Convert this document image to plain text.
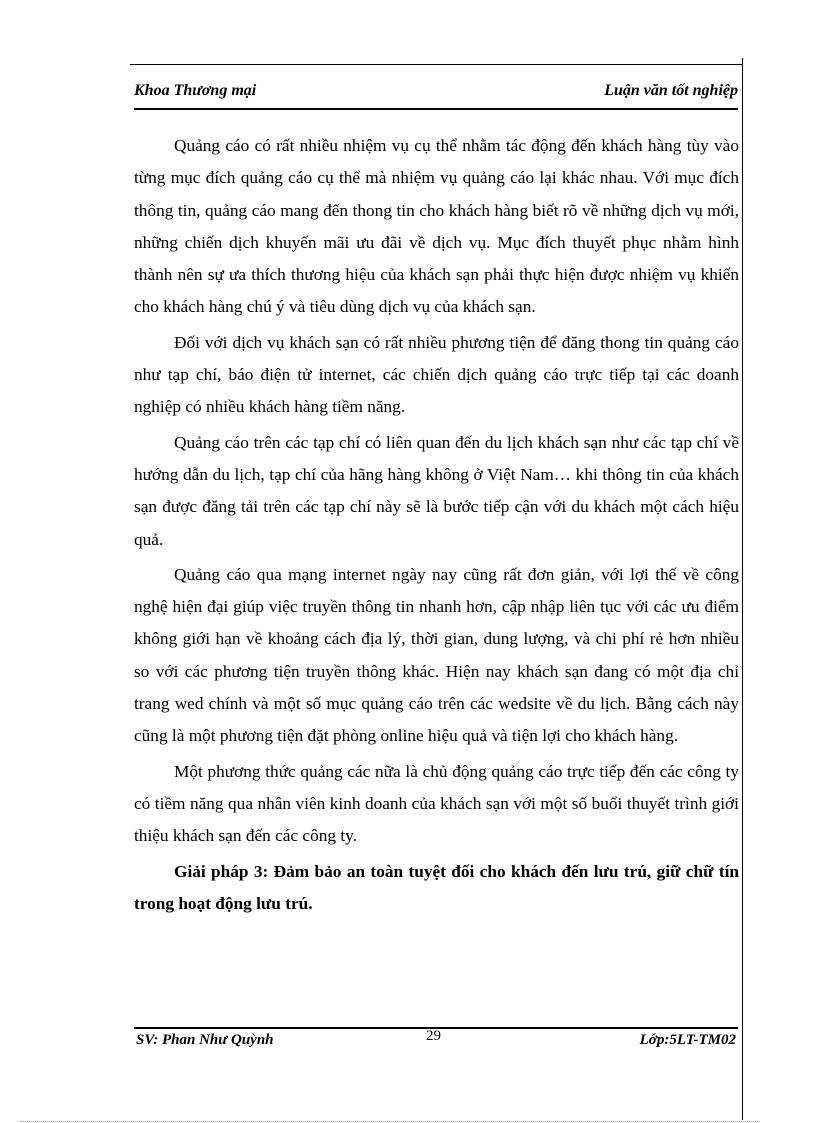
Khoa Thương mại	Luận văn tốt nghiệp

Quảng cáo có rất nhiều nhiệm vụ cụ thể nhằm tác động đến khách hàng tùy vào từng mục đích quảng cáo cụ thể mà nhiệm vụ quảng cáo lại khác nhau. Với mục đích thông tin, quảng cáo mang đến thong tin cho khách hàng biết rõ về những dịch vụ mới, những chiến dịch khuyến mãi ưu đãi về dịch vụ. Mục đích thuyết phục nhằm hình thành nên sự ưa thích thương hiệu của khách sạn phải thực hiện được nhiệm vụ khiến cho khách hàng chú ý và tiêu dùng dịch vụ của khách sạn.

Đối với dịch vụ khách sạn có rất nhiều phương tiện để đăng thong tin quảng cáo như tạp chí, báo điện tử internet, các chiến dịch quảng cáo trực tiếp tại các doanh nghiệp có nhiều khách hàng tiềm năng.

Quảng cáo trên các tạp chí có liên quan đến du lịch khách sạn như các tạp chí về hướng dẫn du lịch, tạp chí của hãng hàng không ở Việt Nam… khi thông tin của khách sạn được đăng tải trên các tạp chí này sẽ là bước tiếp cận với du khách một cách hiệu quả.

Quảng cáo qua mạng internet ngày nay cũng rất đơn giản, với lợi thế về công nghệ hiện đại giúp việc truyền thông tin nhanh hơn, cập nhập liên tục với các ưu điểm không giới hạn về khoảng cách địa lý, thời gian, dung lượng, và chi phí rẻ hơn nhiều so với các phương tiện truyền thông khác. Hiện nay khách sạn đang có một địa chỉ trang wed chính và một số mục quảng cáo trên các wedsite về du lịch. Bằng cách này cũng là một phương tiện đặt phòng online hiệu quả và tiện lợi cho khách hàng.

Một phương thức quảng các nữa là chủ động quảng cáo trực tiếp đến các công ty có tiềm năng qua nhân viên kinh doanh của khách sạn với một số buổi thuyết trình giới thiệu khách sạn đến các công ty.

Giải pháp 3: Đảm bảo an toàn tuyệt đối cho khách đến lưu trú, giữ chữ tín trong hoạt động lưu trú.

SV: Phan Như Quỳnh	29	Lớp:5LT-TM02
